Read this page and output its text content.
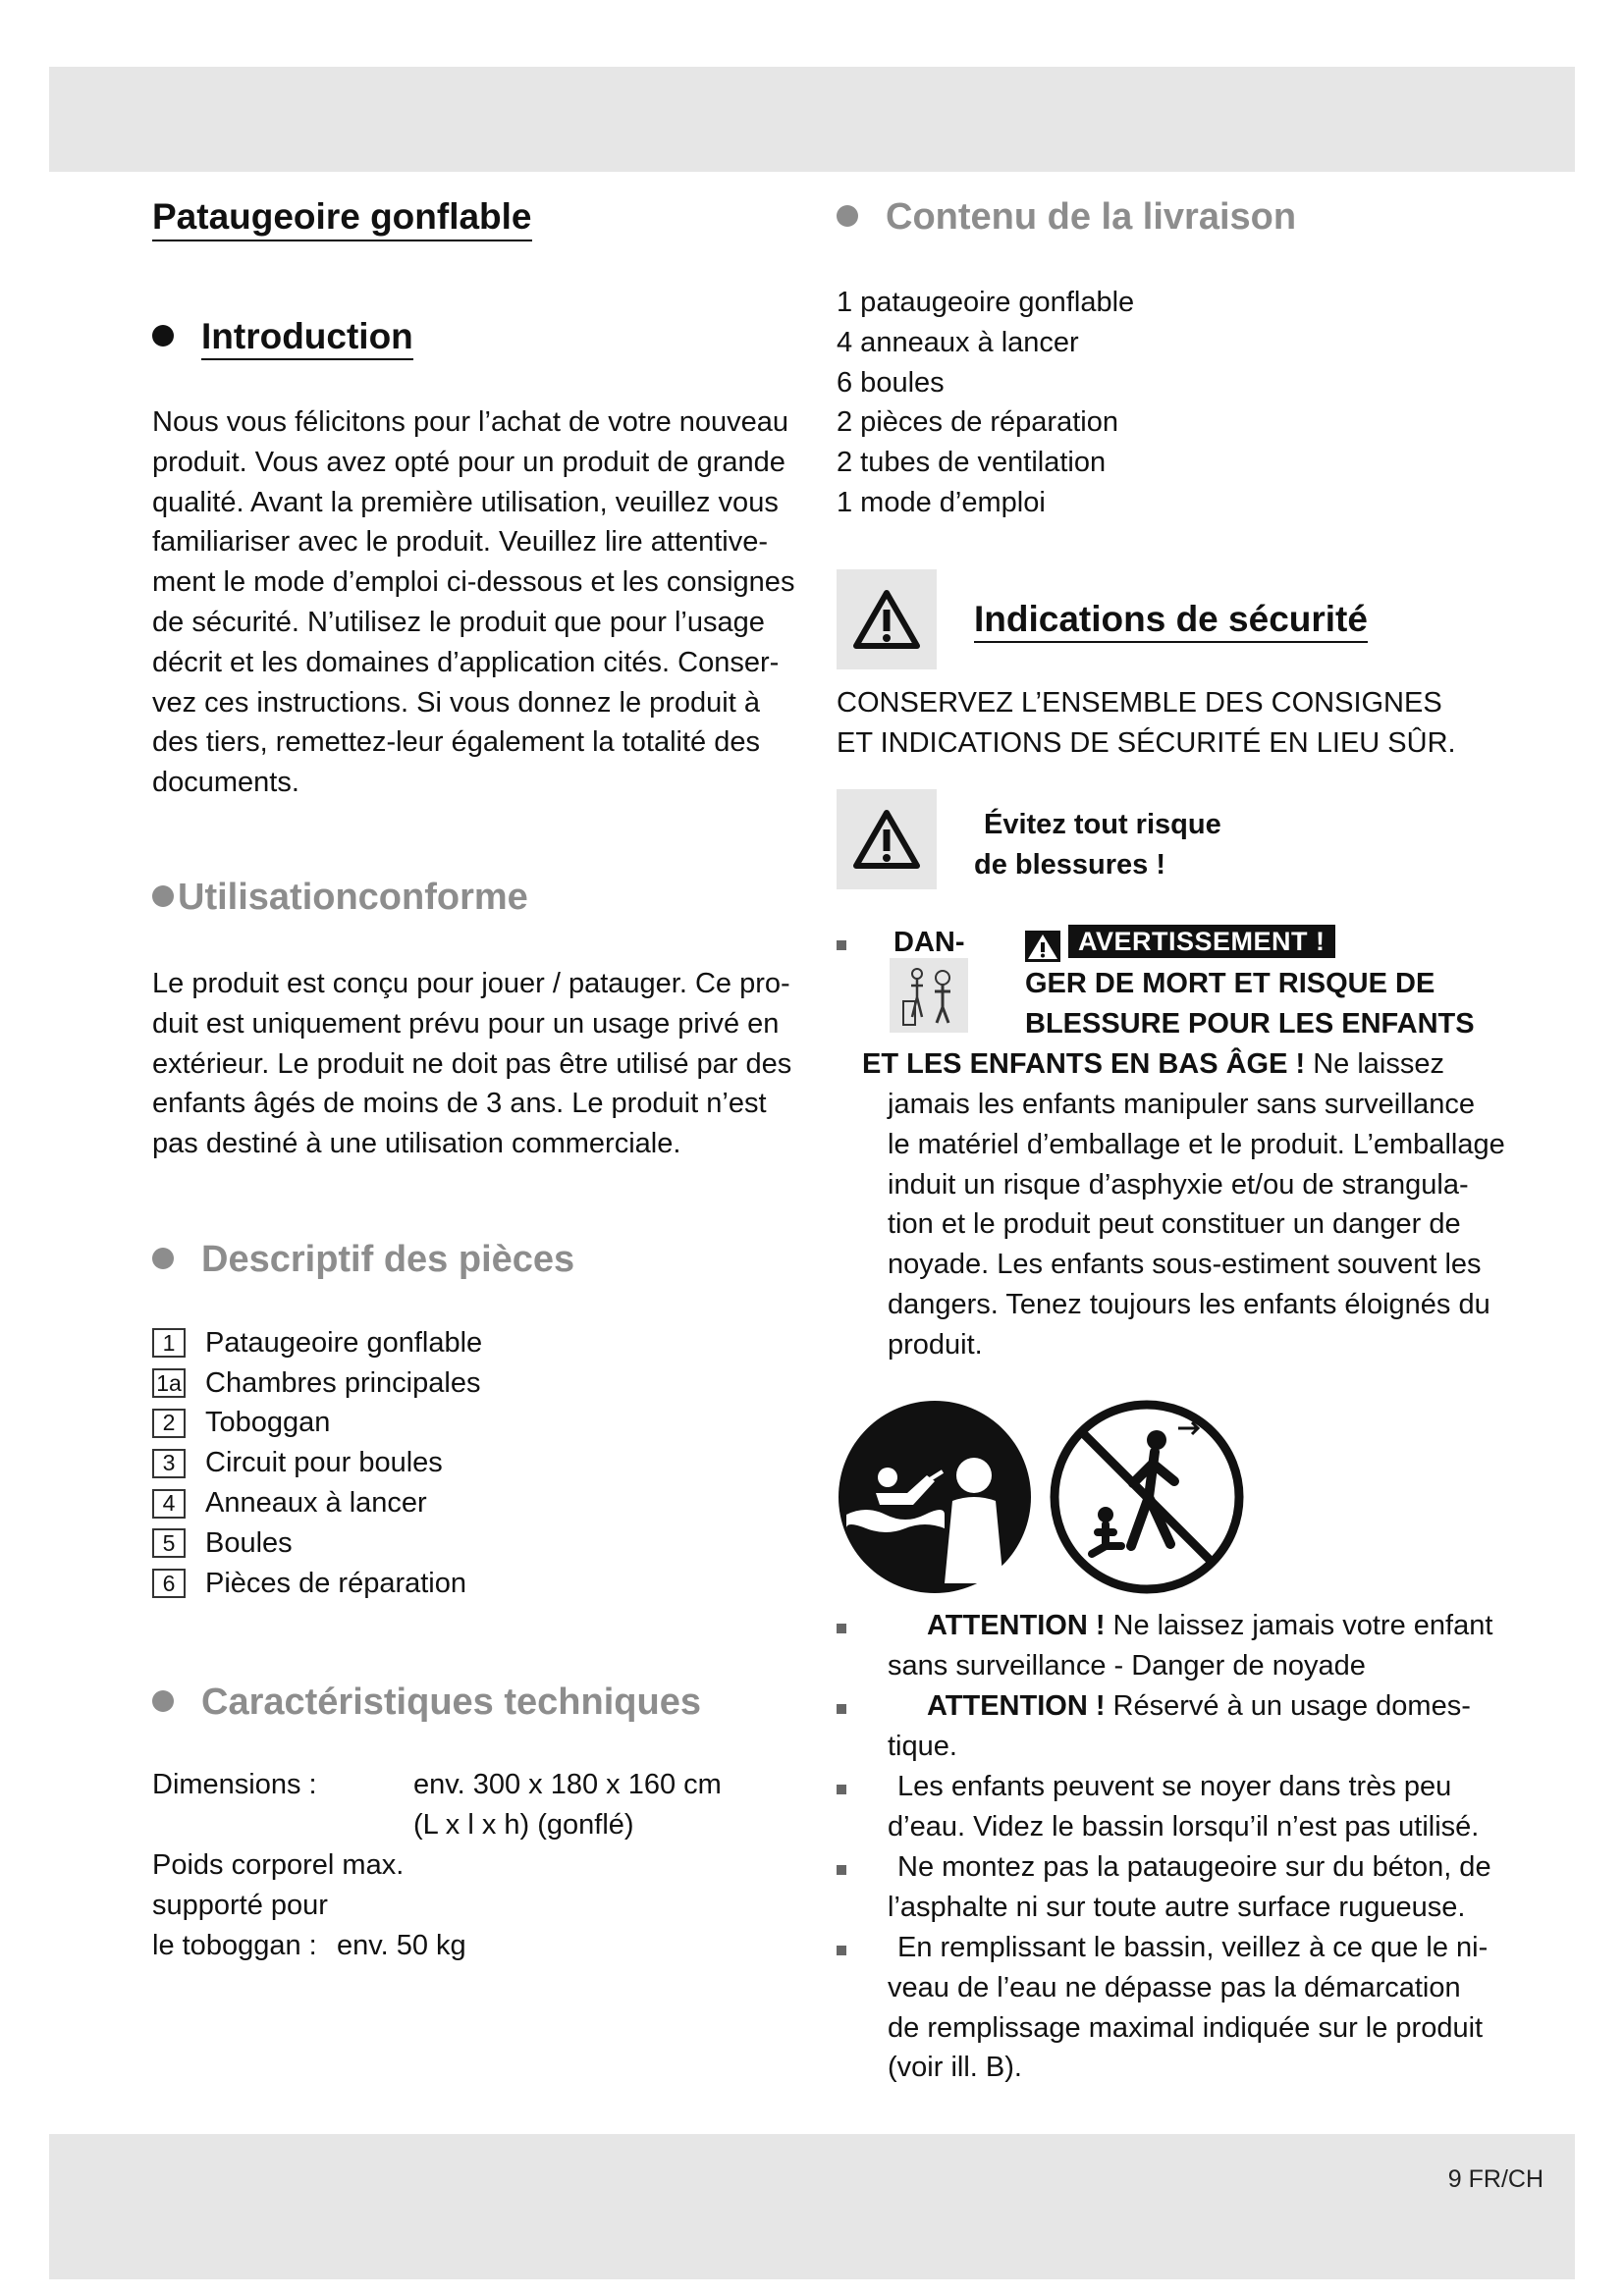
Pataugeoire gonflable
Introduction
Nous vous félicitons pour l’achat de votre nouveau
produit. Vous avez opté pour un produit de grande
qualité. Avant la première utilisation, veuillez vous
familiariser avec le produit. Veuillez lire attentive-
ment le mode d’emploi ci-dessous et les consignes
de sécurité. N’utilisez le produit que pour l’usage
décrit et les domaines d’application cités. Conser-
vez ces instructions. Si vous donnez le produit à
des tiers, remettez-leur également la totalité des
documents.
Utilisationconforme
Le produit est conçu pour jouer / patauger. Ce pro-
duit est uniquement prévu pour un usage privé en
extérieur. Le produit ne doit pas être utilisé par des
enfants âgés de moins de 3 ans. Le produit n’est
pas destiné à une utilisation commerciale.
Descriptif des pièces
1	Pataugeoire gonflable
1a Chambres principales
2	Toboggan
3	Circuit pour boules
4	Anneaux à lancer
5	Boules
6	Pièces de réparation
Caractéristiques techniques
Dimensions :	env. 300 x 180 x 160 cm
(L x l x h) (gonflé)
Poids corporel max.
supporté pour
le toboggan : env. 50 kg
Contenu de la livraison
1 pataugeoire gonflable
4 anneaux à lancer
6 boules
2 pièces de réparation
2 tubes de ventilation
1 mode d’emploi
Indications de sécurité
CONSERVEZ L’ENSEMBLE DES CONSIGNES
ET INDICATIONS DE SÉCURITÉ EN LIEU SÛR.
Évitez tout risque
de blessures !
DAN-	AVERTISSEMENT !
GER DE MORT ET RISQUE DE
BLESSURE POUR LES ENFANTS
ET LES ENFANTS EN BAS ÂGE ! Ne laissez
jamais les enfants manipuler sans surveillance
le matériel d’emballage et le produit. L’emballage
induit un risque d’asphyxie et/ou de strangula-
tion et le produit peut constituer un danger de
noyade. Les enfants sous-estiment souvent les
dangers. Tenez toujours les enfants éloignés du
produit.
ATTENTION ! Ne laissez jamais votre enfant
sans surveillance - Danger de noyade
ATTENTION ! Réservé à un usage domes-
tique.
Les enfants peuvent se noyer dans très peu
d’eau. Videz le bassin lorsqu’il n’est pas utilisé.
Ne montez pas la pataugeoire sur du béton, de
l’asphalte ni sur toute autre surface rugueuse.
En remplissant le bassin, veillez à ce que le ni-
veau de l’eau ne dépasse pas la démarcation
de remplissage maximal indiquée sur le produit
(voir ill. B).
9 FR/CH
